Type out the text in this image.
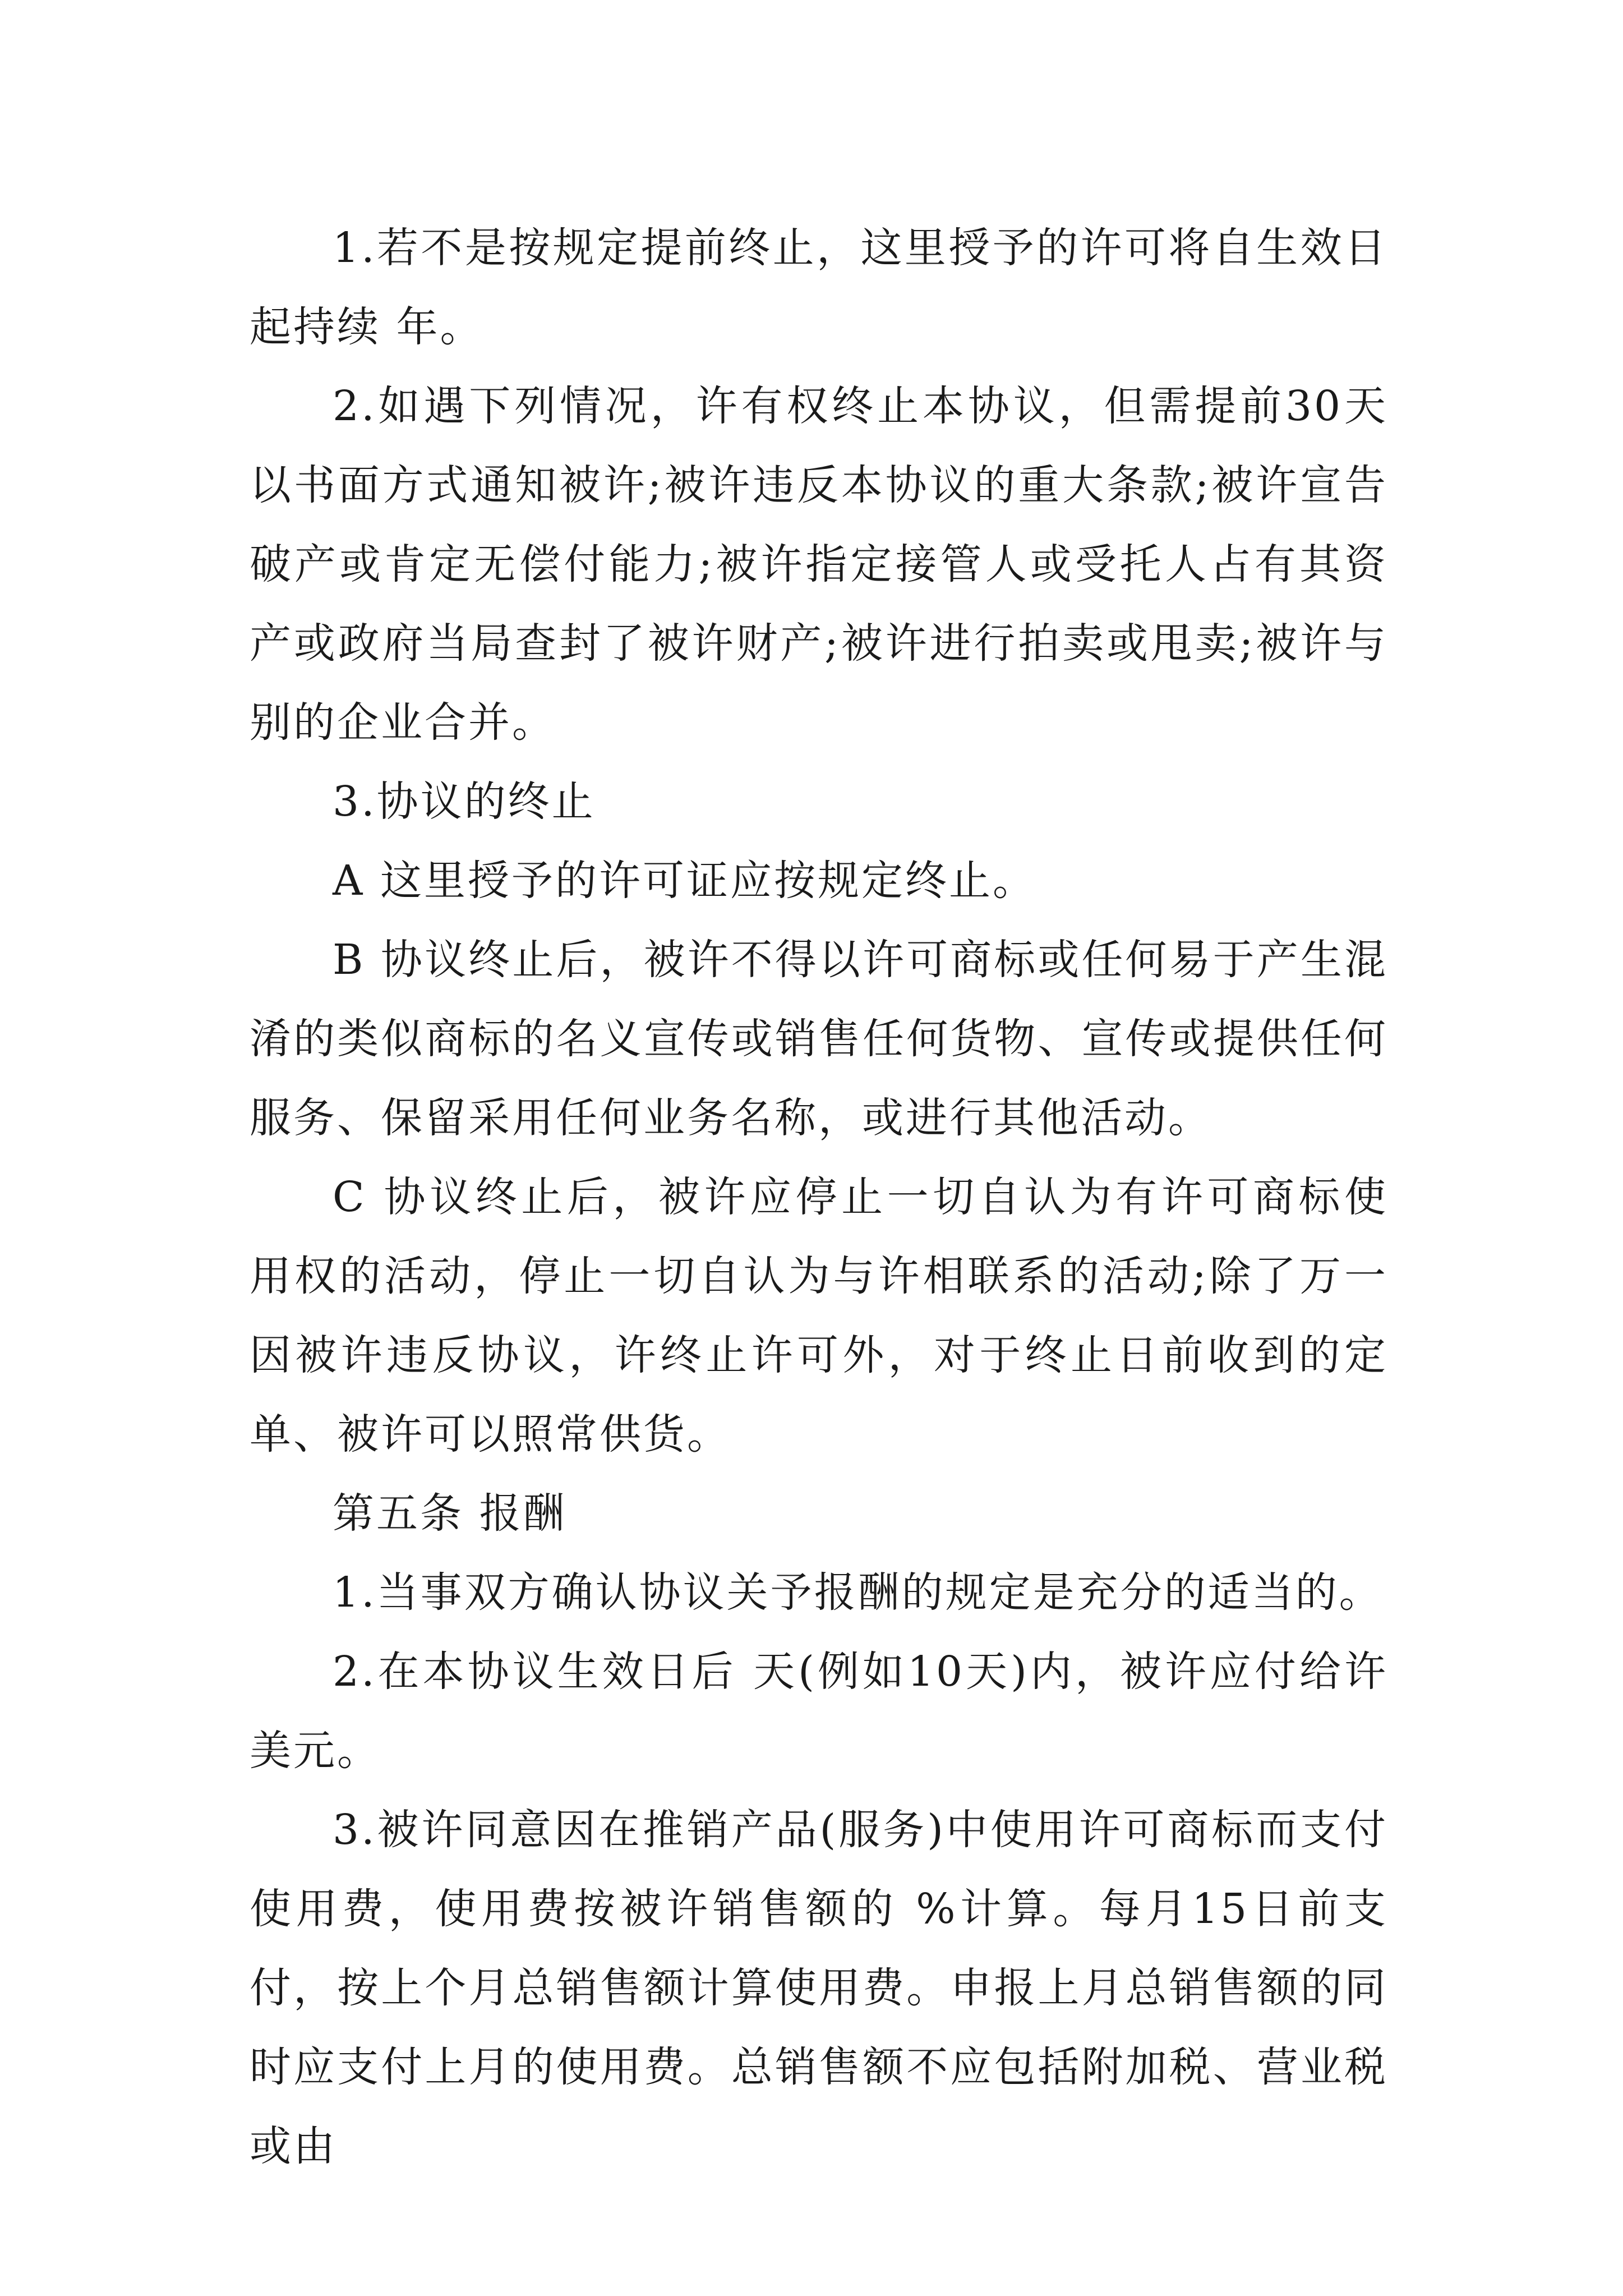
1.若不是按规定提前终止，这里授予的许可将自生效日起持续 年。

2.如遇下列情况，许有权终止本协议，但需提前30天以书面方式通知被许;被许违反本协议的重大条款;被许宣告破产或肯定无偿付能力;被许指定接管人或受托人占有其资产或政府当局查封了被许财产;被许进行拍卖或甩卖;被许与别的企业合并。

3.协议的终止

A 这里授予的许可证应按规定终止。

B 协议终止后，被许不得以许可商标或任何易于产生混淆的类似商标的名义宣传或销售任何货物、宣传或提供任何服务、保留采用任何业务名称，或进行其他活动。

C 协议终止后，被许应停止一切自认为有许可商标使用权的活动，停止一切自认为与许相联系的活动;除了万一因被许违反协议，许终止许可外，对于终止日前收到的定单、被许可以照常供货。

第五条 报酬

1.当事双方确认协议关予报酬的规定是充分的适当的。

2.在本协议生效日后 天(例如10天)内，被许应付给许美元。

3.被许同意因在推销产品(服务)中使用许可商标而支付使用费，使用费按被许销售额的 %计算。每月15日前支付，按上个月总销售额计算使用费。申报上月总销售额的同时应支付上月的使用费。总销售额不应包括附加税、营业税或由
